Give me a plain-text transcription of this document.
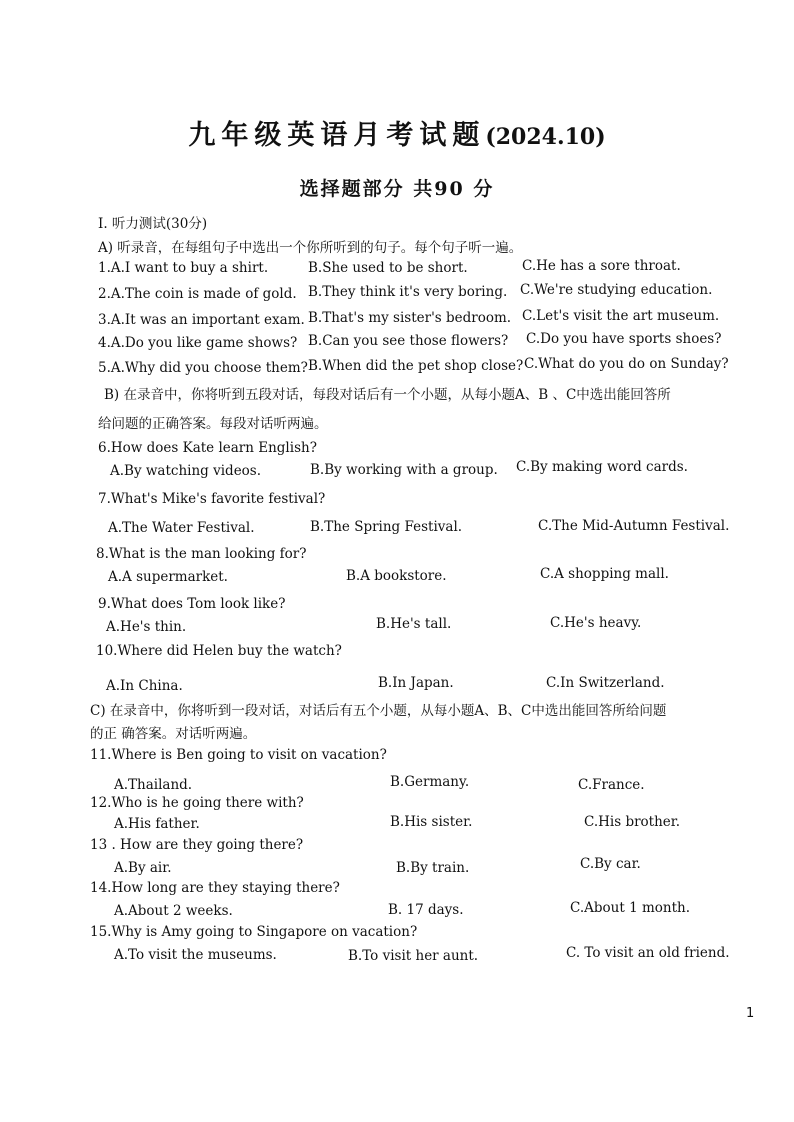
九年级英语月考试题(2024.10)
选择题部分 共90 分
I. 听力测试(30分)
A) 听录音，在每组句子中选出一个你所听到的句子。每个句子听一遍。
1.A.I want to buy a shirt.	B.She used to be short.	C.He has a sore throat.
2.A.The coin is made of gold. B.They think it's very boring. C.We're studying education.
3.A.It was an important exam. B.That's my sister's bedroom. C.Let's visit the art museum.
4.A.Do you like game shows? B.Can you see those flowers? C.Do you have sports shoes?
5.A.Why did you choose them? B.When did the pet shop close? C.What do you do on Sunday?
B) 在录音中，你将听到五段对话，每段对话后有一个小题，从每小题A、B 、C中选出能回答所
给问题的正确答案。每段对话听两遍。
6.How does Kate learn English?
A.By watching videos.	B.By working with a group. C.By making word cards.
7.What's Mike's favorite festival?
A.The Water Festival.	B.The Spring Festival.	C.The Mid-Autumn Festival.
8.What is the man looking for?
A.A supermarket.	B.A bookstore.	C.A shopping mall.
9.What does Tom look like?
A.He's thin.	B.He's tall.	C.He's heavy.
10.Where did Helen buy the watch?
A.In China.	B.In Japan.	C.In Switzerland.
C) 在录音中，你将听到一段对话，对话后有五个小题，从每小题A、B、C中选出能回答所给问题
的正 确答案。对话听两遍。
11.Where is Ben going to visit on vacation?
A.Thailand.	B.Germany.	C.France.
12.Who is he going there with?
A.His father.	B.His sister.	C.His brother.
13 . How are they going there?
A.By air.	B.By train.	C.By car.
14.How long are they staying there?
A.About 2 weeks.	B. 17 days.	C.About 1 month.
15.Why is Amy going to Singapore on vacation?
A.To visit the museums.	B.To visit her aunt.	C. To visit an old friend.
1
